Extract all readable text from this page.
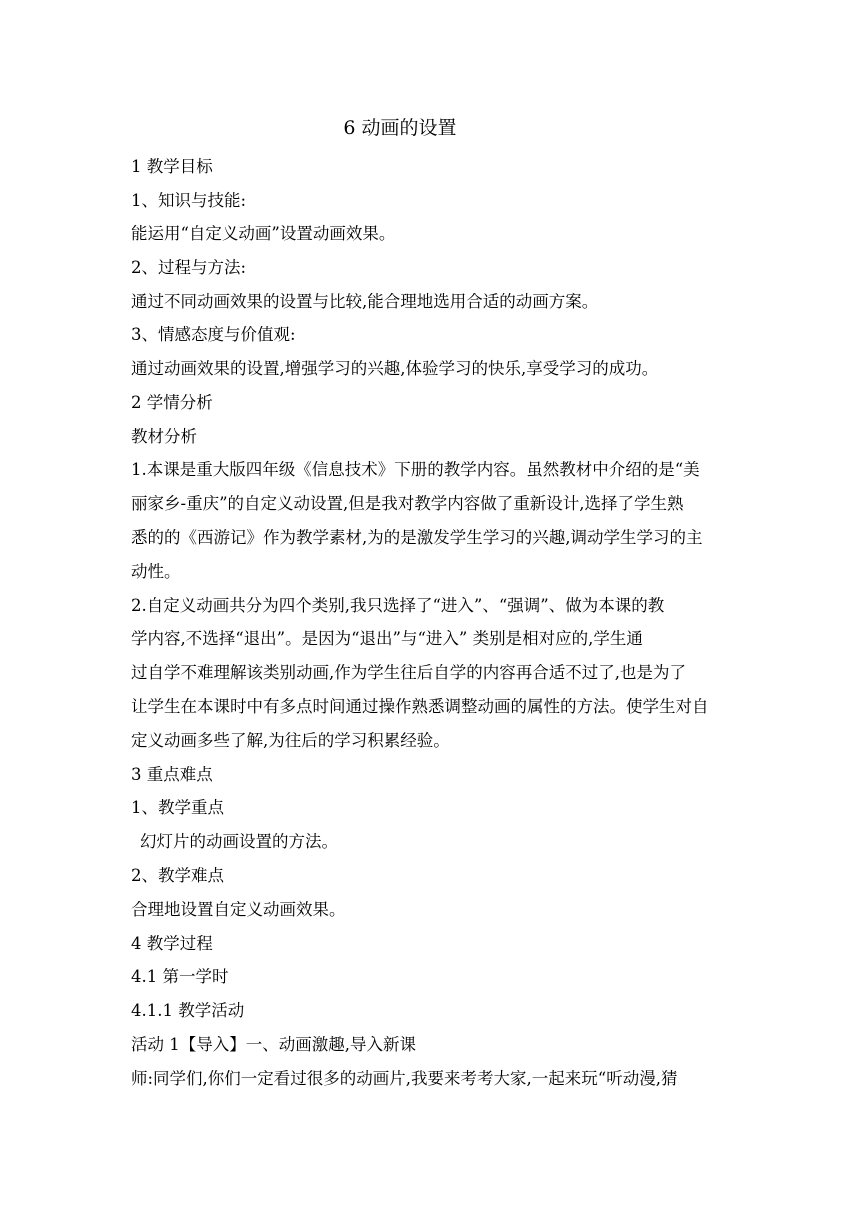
6 动画的设置
1 教学目标
1、知识与技能:
能运用“自定义动画”设置动画效果。
2、过程与方法:
通过不同动画效果的设置与比较,能合理地选用合适的动画方案。
3、情感态度与价值观:
通过动画效果的设置,增强学习的兴趣,体验学习的快乐,享受学习的成功。
2 学情分析
教材分析
1.本课是重大版四年级《信息技术》下册的教学内容。虽然教材中介绍的是“美
丽家乡-重庆”的自定义动设置,但是我对教学内容做了重新设计,选择了学生熟
悉的的《西游记》作为教学素材,为的是激发学生学习的兴趣,调动学生学习的主
动性。
2.自定义动画共分为四个类别,我只选择了“进入”、“强调”、做为本课的教
学内容,不选择“退出”。是因为“退出”与“进入” 类别是相对应的,学生通
过自学不难理解该类别动画,作为学生往后自学的内容再合适不过了,也是为了
让学生在本课时中有多点时间通过操作熟悉调整动画的属性的方法。使学生对自
定义动画多些了解,为往后的学习积累经验。
3 重点难点
1、教学重点
幻灯片的动画设置的方法。
2、教学难点
合理地设置自定义动画效果。
4 教学过程
4.1 第一学时
4.1.1 教学活动
活动 1【导入】一、动画激趣,导入新课
师:同学们,你们一定看过很多的动画片,我要来考考大家,一起来玩“听动漫,猜
